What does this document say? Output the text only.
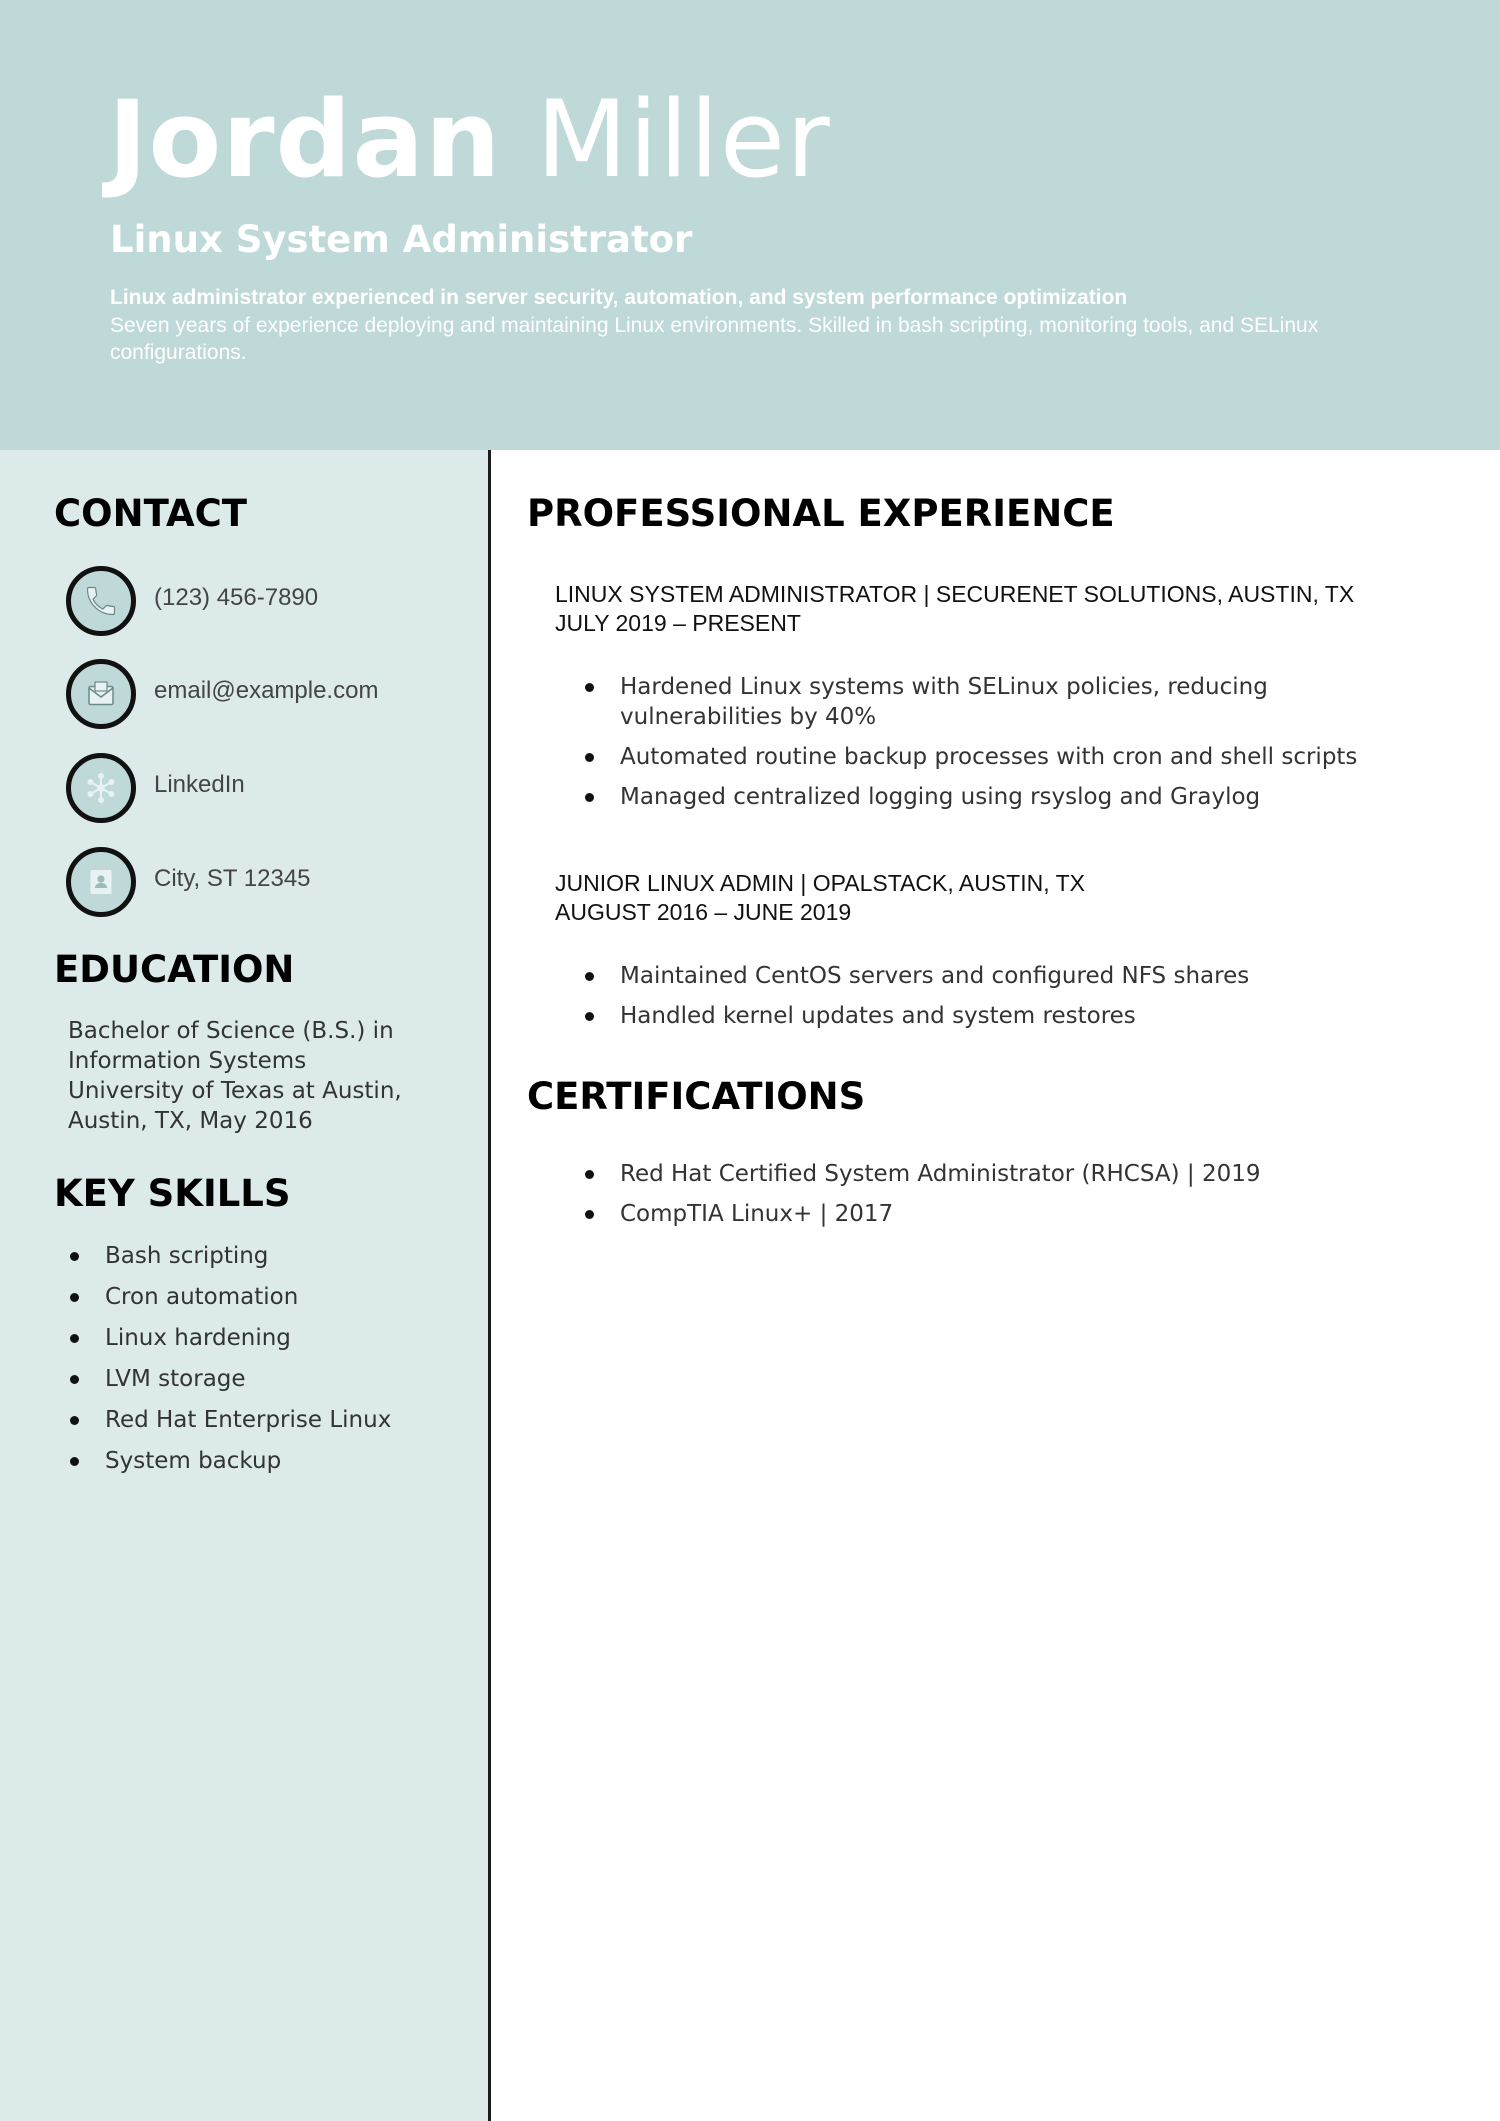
Jordan Miller
Linux System Administrator
Linux administrator experienced in server security, automation, and system performance optimization
Seven years of experience deploying and maintaining Linux environments. Skilled in bash scripting, monitoring tools, and SELinux configurations.
CONTACT
(123) 456-7890
email@example.com
LinkedIn
City, ST 12345
EDUCATION
Bachelor of Science (B.S.) in
Information Systems
University of Texas at Austin,
Austin, TX, May 2016
KEY SKILLS
Bash scripting
Cron automation
Linux hardening
LVM storage
Red Hat Enterprise Linux
System backup
PROFESSIONAL EXPERIENCE
LINUX SYSTEM ADMINISTRATOR | SECURENET SOLUTIONS, AUSTIN, TX
JULY 2019 – PRESENT
Hardened Linux systems with SELinux policies, reducing vulnerabilities by 40%
Automated routine backup processes with cron and shell scripts
Managed centralized logging using rsyslog and Graylog
JUNIOR LINUX ADMIN | OPALSTACK, AUSTIN, TX
AUGUST 2016 – JUNE 2019
Maintained CentOS servers and configured NFS shares
Handled kernel updates and system restores
CERTIFICATIONS
Red Hat Certified System Administrator (RHCSA) | 2019
CompTIA Linux+ | 2017
